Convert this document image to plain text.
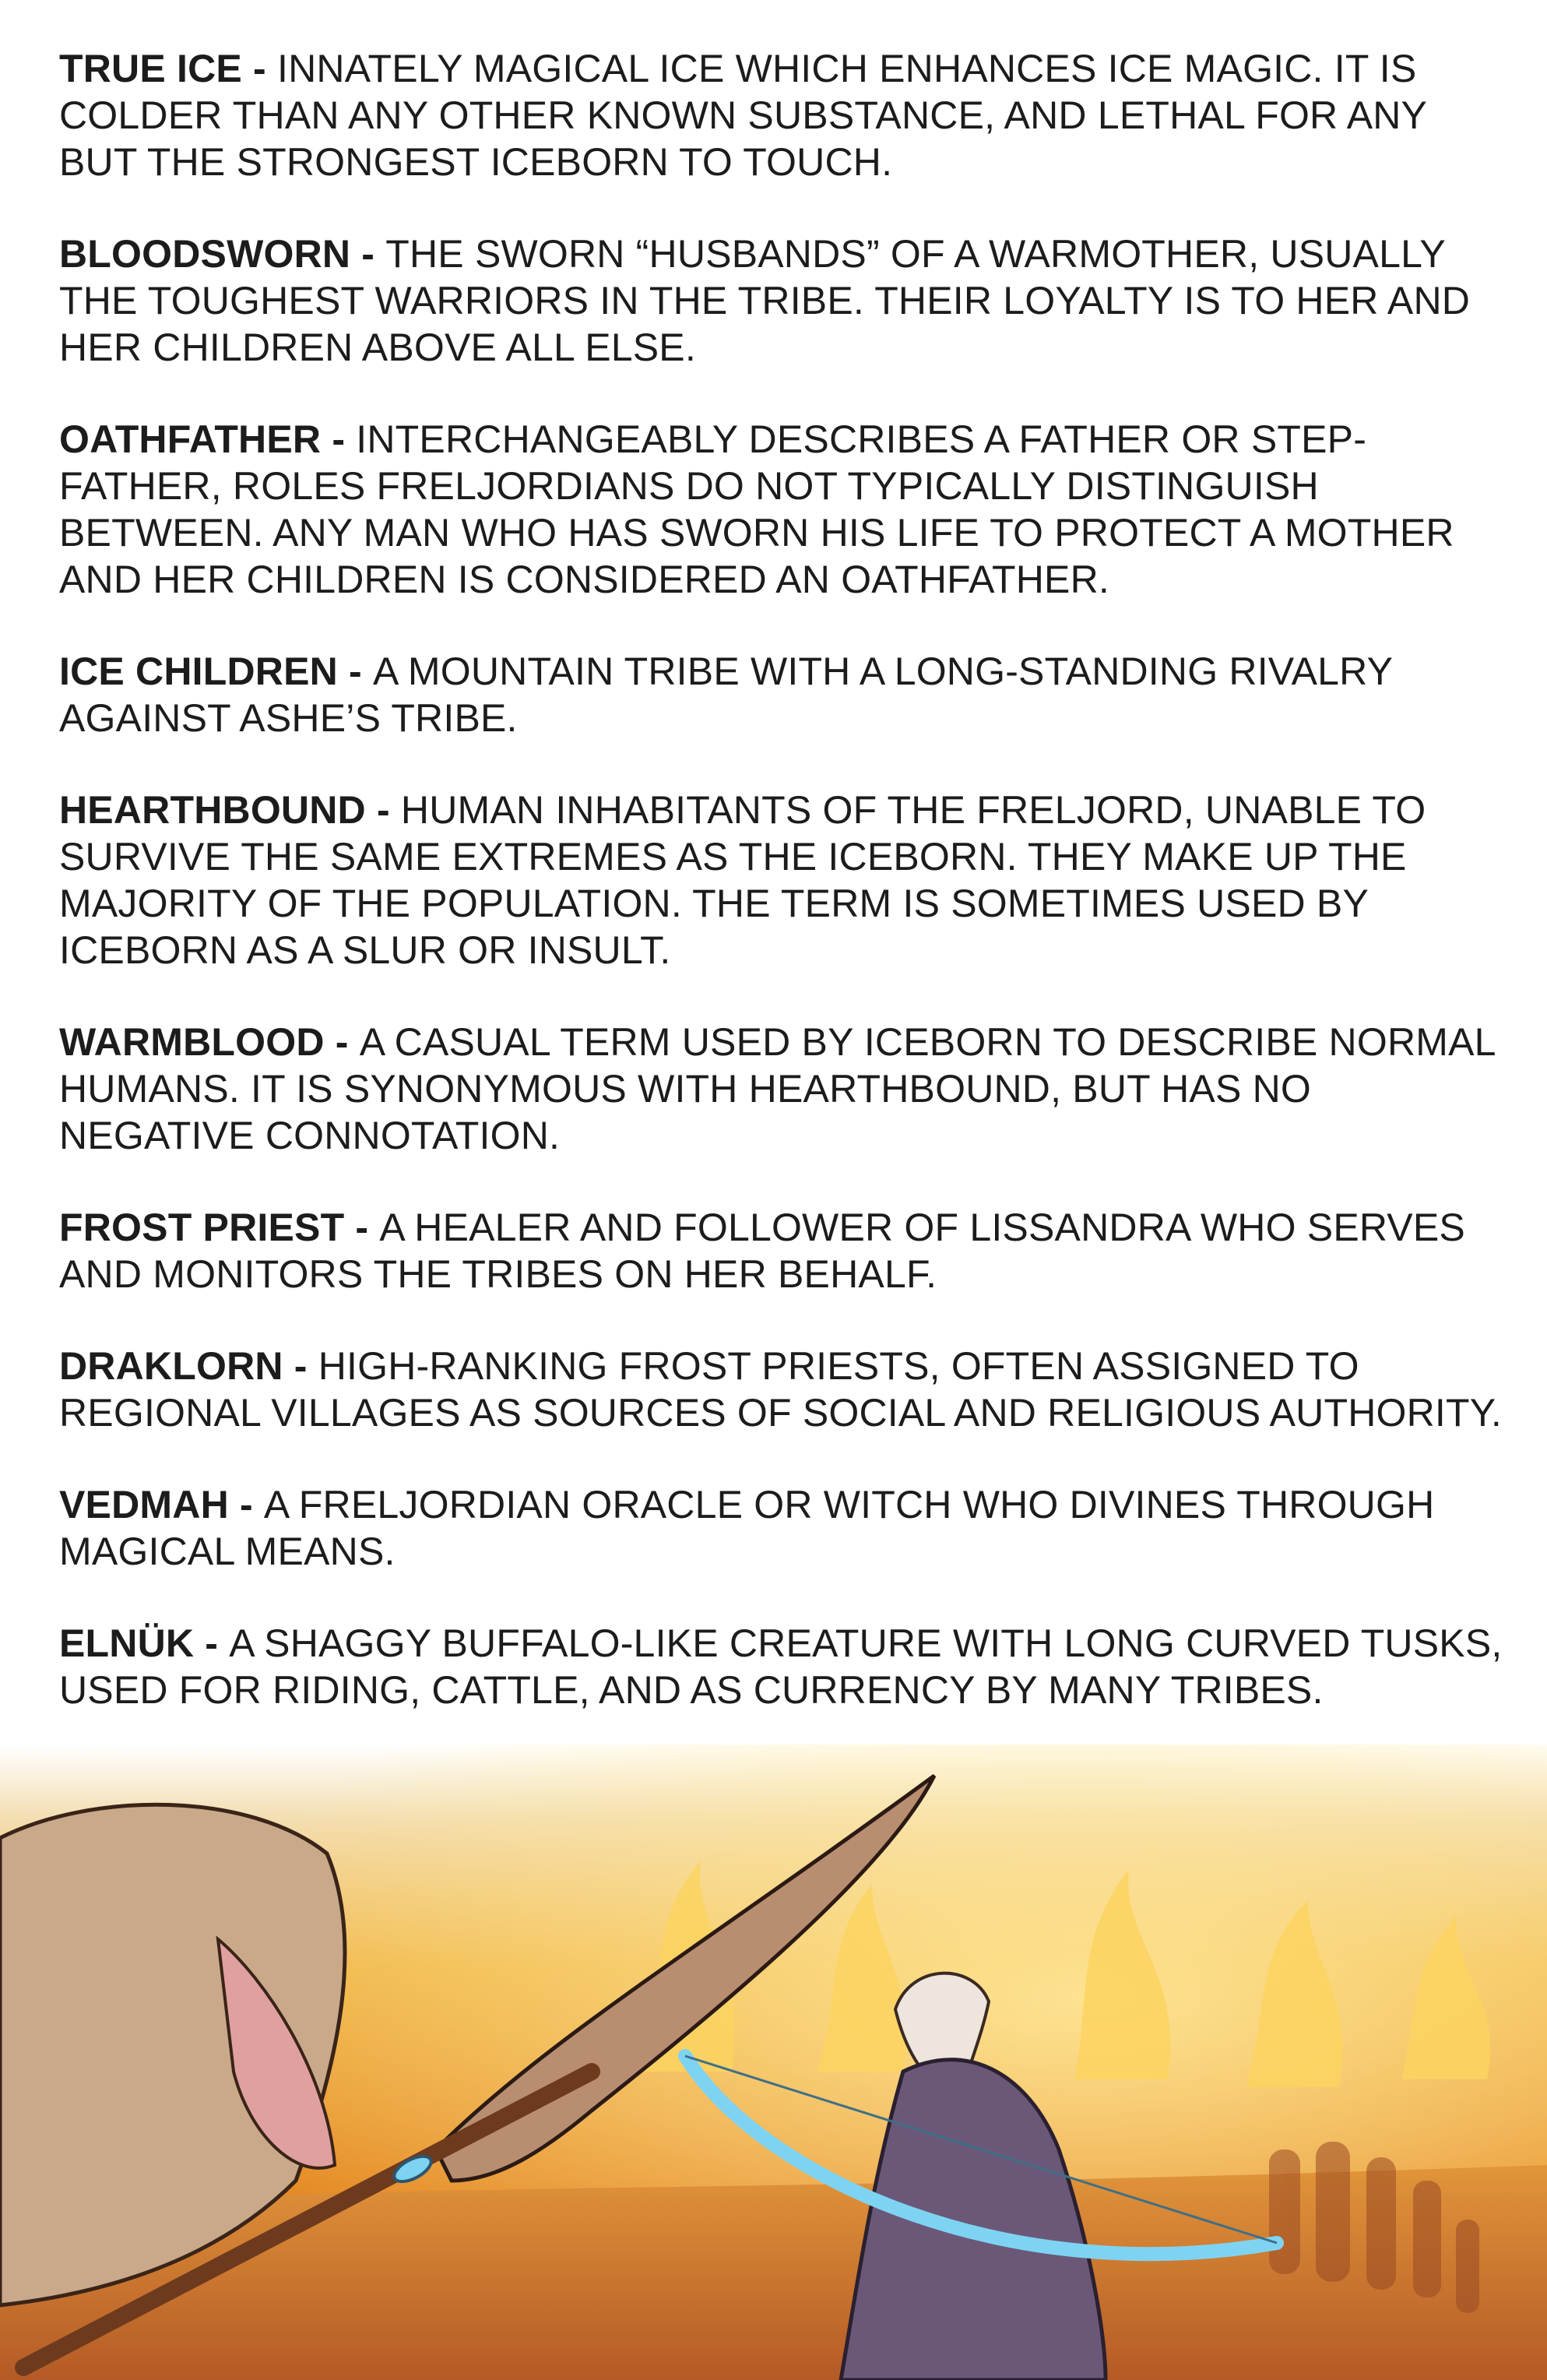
TRUE ICE - INNATELY MAGICAL ICE WHICH ENHANCES ICE MAGIC. IT IS COLDER THAN ANY OTHER KNOWN SUBSTANCE, AND LETHAL FOR ANY BUT THE STRONGEST ICEBORN TO TOUCH.
BLOODSWORN - THE SWORN “HUSBANDS” OF A WARMOTHER, USUALLY THE TOUGHEST WARRIORS IN THE TRIBE. THEIR LOYALTY IS TO HER AND HER CHILDREN ABOVE ALL ELSE.
OATHFATHER - INTERCHANGEABLY DESCRIBES A FATHER OR STEP-FATHER, ROLES FRELJORDIANS DO NOT TYPICALLY DISTINGUISH BETWEEN. ANY MAN WHO HAS SWORN HIS LIFE TO PROTECT A MOTHER AND HER CHILDREN IS CONSIDERED AN OATHFATHER.
ICE CHILDREN - A MOUNTAIN TRIBE WITH A LONG-STANDING RIVALRY AGAINST ASHE’S TRIBE.
HEARTHBOUND - HUMAN INHABITANTS OF THE FRELJORD, UNABLE TO SURVIVE THE SAME EXTREMES AS THE ICEBORN. THEY MAKE UP THE MAJORITY OF THE POPULATION. THE TERM IS SOMETIMES USED BY ICEBORN AS A SLUR OR INSULT.
WARMBLOOD - A CASUAL TERM USED BY ICEBORN TO DESCRIBE NORMAL HUMANS. IT IS SYNONYMOUS WITH HEARTHBOUND, BUT HAS NO NEGATIVE CONNOTATION.
FROST PRIEST - A HEALER AND FOLLOWER OF LISSANDRA WHO SERVES AND MONITORS THE TRIBES ON HER BEHALF.
DRAKLORN - HIGH-RANKING FROST PRIESTS, OFTEN ASSIGNED TO REGIONAL VILLAGES AS SOURCES OF SOCIAL AND RELIGIOUS AUTHORITY.
VEDMAH - A FRELJORDIAN ORACLE OR WITCH WHO DIVINES THROUGH MAGICAL MEANS.
ELNÜK - A SHAGGY BUFFALO-LIKE CREATURE WITH LONG CURVED TUSKS, USED FOR RIDING, CATTLE, AND AS CURRENCY BY MANY TRIBES.
